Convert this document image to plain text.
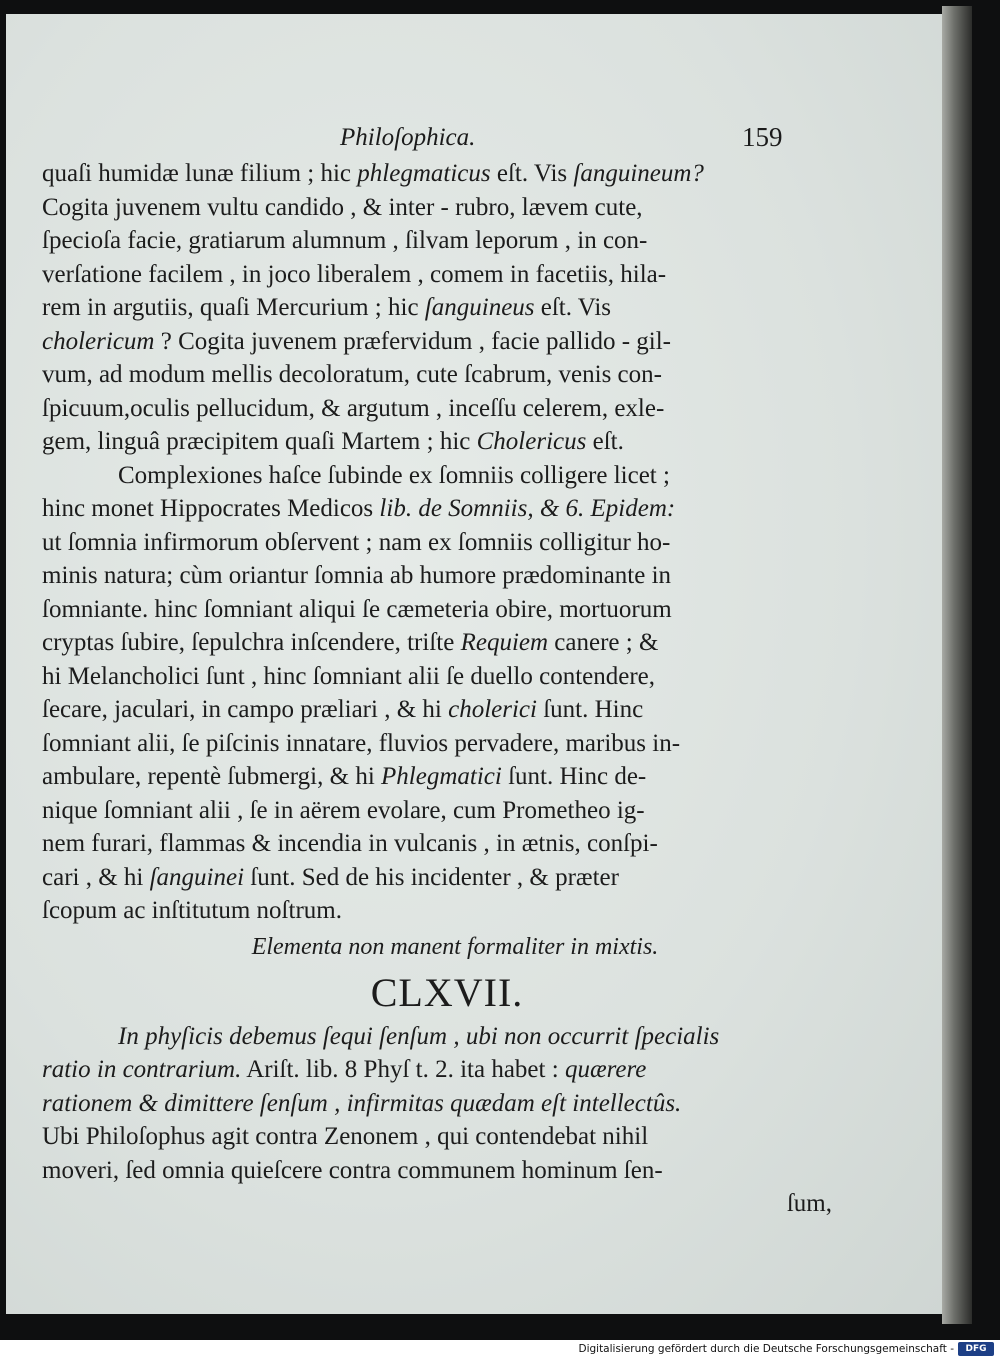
Philoſophica.	159
quaſi humidæ lunæ filium ; hic phlegmaticus eſt. Vis ſanguineum?
Cogita juvenem vultu candido , & inter - rubro, lævem cute,
ſpecioſa facie, gratiarum alumnum , ſilvam leporum , in con-
verſatione facilem , in joco liberalem , comem in facetiis, hila-
rem in argutiis, quaſi Mercurium ; hic ſanguineus eſt. Vis
cholericum ? Cogita juvenem præfervidum , facie pallido - gil-
vum, ad modum mellis decoloratum, cute ſcabrum, venis con-
ſpicuum,oculis pellucidum, & argutum , inceſſu celerem, exle-
gem, linguâ præcipitem quaſi Martem ; hic Cholericus eſt.
Complexiones haſce ſubinde ex ſomniis colligere licet ;
hinc monet Hippocrates Medicos lib. de Somniis, & 6. Epidem:
ut ſomnia infirmorum obſervent ; nam ex ſomniis colligitur ho-
minis natura; cùm oriantur ſomnia ab humore prædominante in
ſomniante. hinc ſomniant aliqui ſe cæmeteria obire, mortuorum
cryptas ſubire, ſepulchra inſcendere, triſte Requiem canere ; &
hi Melancholici ſunt , hinc ſomniant alii ſe duello contendere,
ſecare, jaculari, in campo præliari , & hi cholerici ſunt. Hinc
ſomniant alii, ſe piſcinis innatare, fluvios pervadere, maribus in-
ambulare, repentè ſubmergi, & hi Phlegmatici ſunt. Hinc de-
nique ſomniant alii , ſe in aërem evolare, cum Prometheo ig-
nem furari, flammas & incendia in vulcanis , in ætnis, conſpi-
cari , & hi ſanguinei ſunt. Sed de his incidenter , & præter
ſcopum ac inſtitutum noſtrum.
Elementa non manent formaliter in mixtis.
CLXVII.
In phyſicis debemus ſequi ſenſum , ubi non occurrit ſpecialis
ratio in contrarium. Ariſt. lib. 8 Phyſ t. 2. ita habet : quærere
rationem & dimittere ſenſum , infirmitas quædam eſt intellectûs.
Ubi Philoſophus agit contra Zenonem , qui contendebat nihil
moveri, ſed omnia quieſcere contra communem hominum ſen-
ſum,
Digitalisierung gefördert durch die Deutsche Forschungsgemeinschaft -	DFG
